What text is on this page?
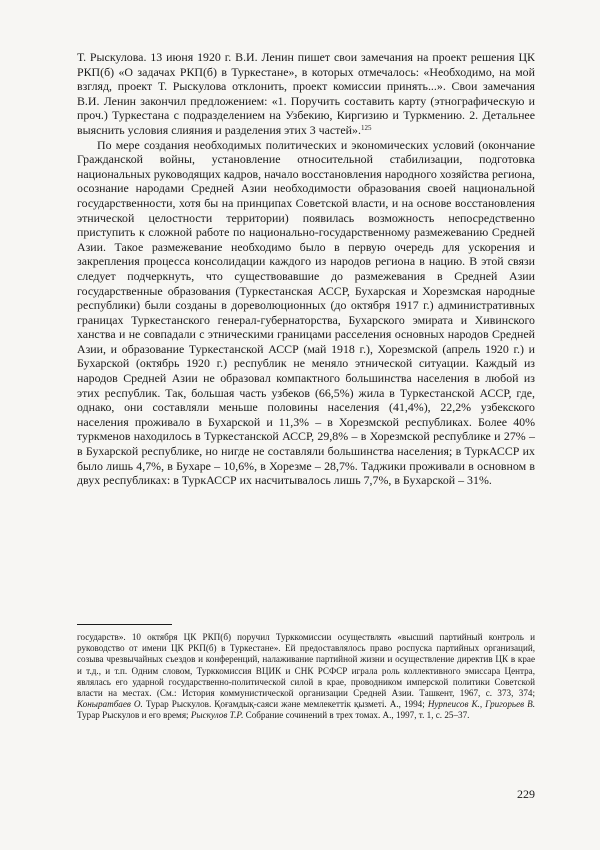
Т. Рыскулова. 13 июня 1920 г. В.И. Ленин пишет свои замечания на проект решения ЦК РКП(б) «О задачах РКП(б) в Туркестане», в которых отмечалось: «Необходимо, на мой взгляд, проект Т. Рыскулова отклонить, проект комиссии принять...». Свои замечания В.И. Ленин закончил предложением: «1. Поручить составить карту (этнографическую и проч.) Туркестана с подразделением на Узбекию, Киргизию и Туркмению. 2. Детальнее выяснить условия слияния и разделения этих 3 частей».$^{125}$

По мере создания необходимых политических и экономических условий (окончание Гражданской войны, установление относительной стабилизации, подготовка национальных руководящих кадров, начало восстановления народного хозяйства региона, осознание народами Средней Азии необходимости образования своей национальной государственности, хотя бы на принципах Советской власти, и на основе восстановления этнической целостности территории) появилась возможность непосредственно приступить к сложной работе по национально-государственному размежеванию Средней Азии. Такое размежевание необходимо было в первую очередь для ускорения и закрепления процесса консолидации каждого из народов региона в нацию. В этой связи следует подчеркнуть, что существовавшие до размежевания в Средней Азии государственные образования (Туркестанская АССР, Бухарская и Хорезмская народные республики) были созданы в дореволюционных (до октября 1917 г.) административных границах Туркестанского генерал-губернаторства, Бухарского эмирата и Хивинского ханства и не совпадали с этническими границами расселения основных народов Средней Азии, и образование Туркестанской АССР (май 1918 г.), Хорезмской (апрель 1920 г.) и Бухарской (октябрь 1920 г.) республик не меняло этнической ситуации. Каждый из народов Средней Азии не образовал компактного большинства населения в любой из этих республик. Так, большая часть узбеков (66,5%) жила в Туркестанской АССР, где, однако, они составляли меньше половины населения (41,4%), 22,2% узбекского населения проживало в Бухарской и 11,3% – в Хорезмской республиках. Более 40% туркменов находилось в Туркестанской АССР, 29,8% – в Хорезмской республике и 27% – в Бухарской республике, но нигде не составляли большинства населения; в ТуркАССР их было лишь 4,7%, в Бухаре – 10,6%, в Хорезме – 28,7%. Таджики проживали в основном в двух республиках: в ТуркАССР их насчитывалось лишь 7,7%, в Бухарской – 31%.

государств». 10 октября ЦК РКП(б) поручил Турккомиссии осуществлять «высший партийный контроль и руководство от имени ЦК РКП(б) в Туркестане». Ей предоставлялось право роспуска партийных организаций, созыва чрезвычайных съездов и конференций, налаживание партийной жизни и осуществление директив ЦК в крае и т.д., и т.п. Одним словом, Турккомиссия ВЦИК и СНК РСФСР играла роль коллективного эмиссара Центра, являлась его ударной государственно-политической силой в крае, проводником имперской политики Советской власти на местах. (См.: История коммунистической организации Средней Азии. Ташкент, 1967, с. 373, 374; Коныратбаев О. Турар Рыскулов. Қоғамдық-саяси және мемлекеттік қызметі. А., 1994; Нурпеисов К., Григорьев В. Турар Рыскулов и его время; Рыскулов Т.Р. Собрание сочинений в трех томах. А., 1997, т. 1, с. 25–37.

229
